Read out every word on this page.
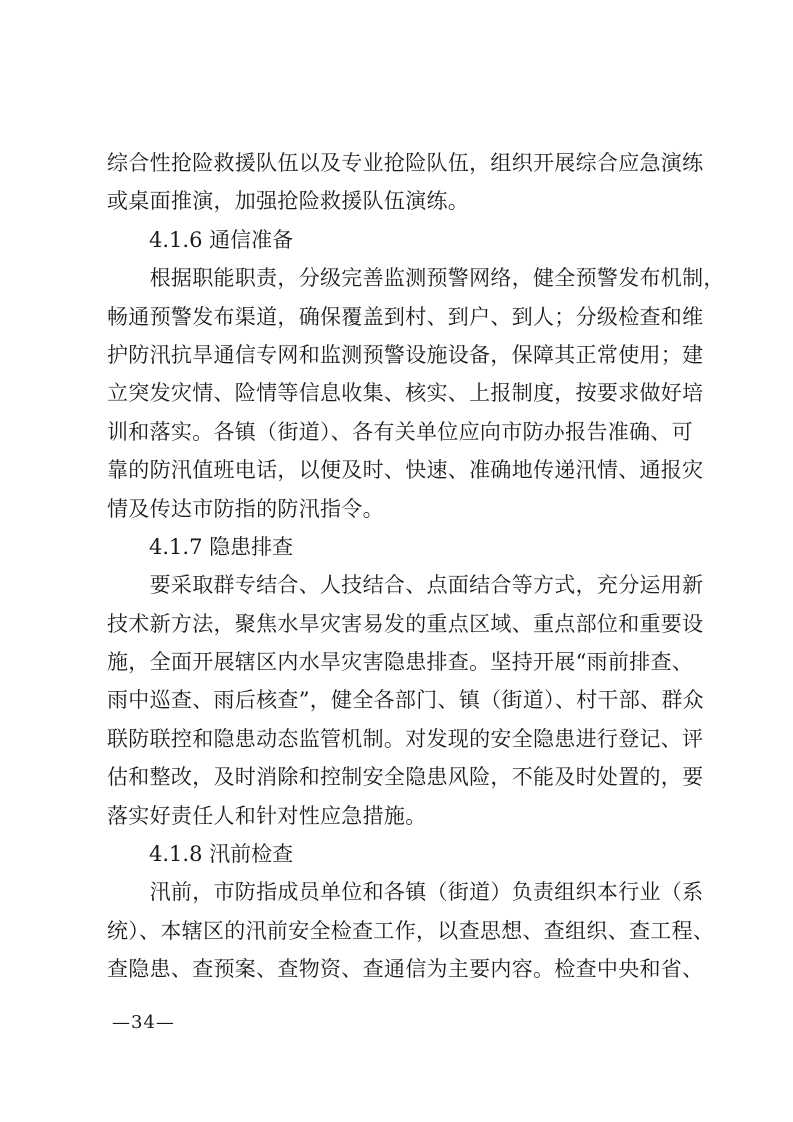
综合性抢险救援队伍以及专业抢险队伍，组织开展综合应急演练
或桌面推演，加强抢险救援队伍演练。
4.1.6 通信准备
　　根据职能职责，分级完善监测预警网络，健全预警发布机制，
畅通预警发布渠道，确保覆盖到村、到户、到人；分级检查和维
护防汛抗旱通信专网和监测预警设施设备，保障其正常使用；建
立突发灾情、险情等信息收集、核实、上报制度，按要求做好培
训和落实。各镇（街道）、各有关单位应向市防办报告准确、可
靠的防汛值班电话，以便及时、快速、准确地传递汛情、通报灾
情及传达市防指的防汛指令。
4.1.7 隐患排查
　　要采取群专结合、人技结合、点面结合等方式，充分运用新
技术新方法，聚焦水旱灾害易发的重点区域、重点部位和重要设
施，全面开展辖区内水旱灾害隐患排查。坚持开展“雨前排查、
雨中巡查、雨后核查”，健全各部门、镇（街道）、村干部、群众
联防联控和隐患动态监管机制。对发现的安全隐患进行登记、评
估和整改，及时消除和控制安全隐患风险，不能及时处置的，要
落实好责任人和针对性应急措施。
4.1.8 汛前检查
　　汛前，市防指成员单位和各镇（街道）负责组织本行业（系
统）、本辖区的汛前安全检查工作，以查思想、查组织、查工程、
查隐患、查预案、查物资、查通信为主要内容。检查中央和省、
—34—
